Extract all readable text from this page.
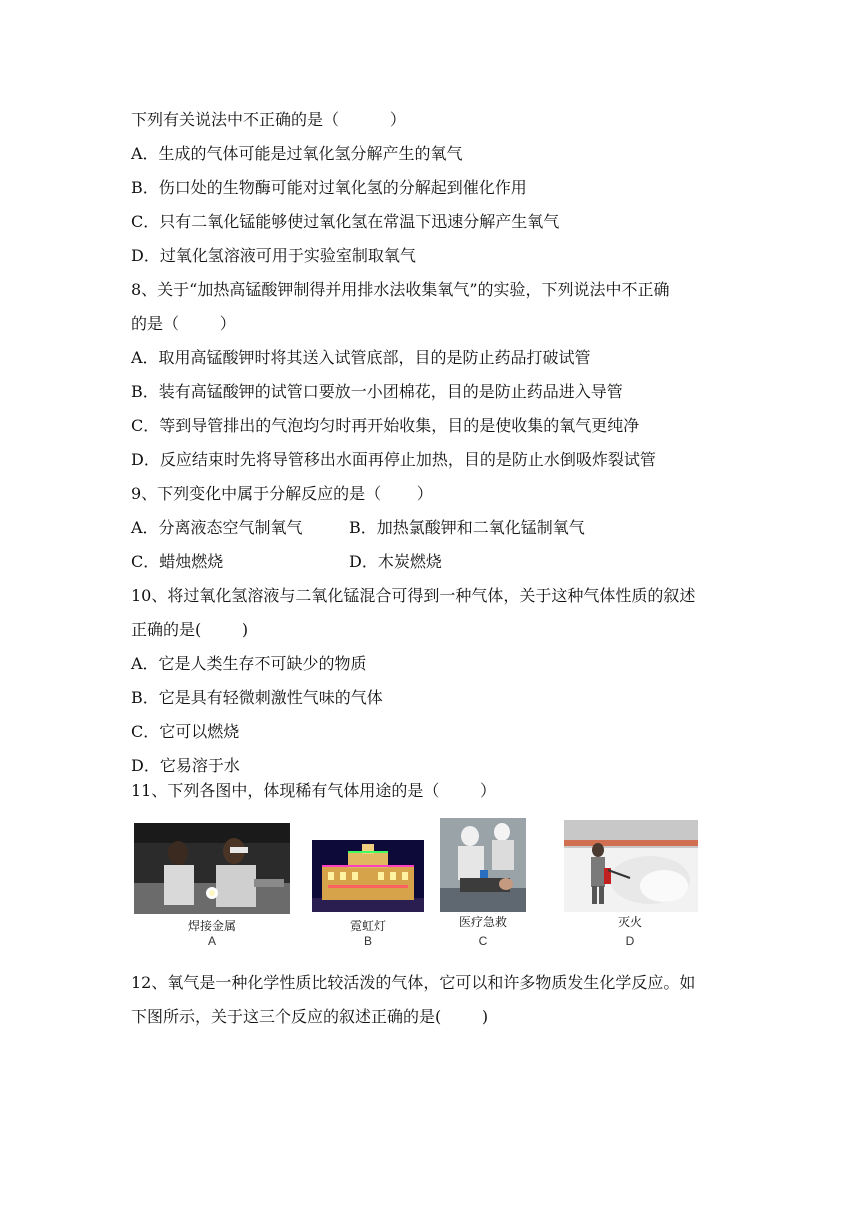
下列有关说法中不正确的是（          ）
A．生成的气体可能是过氧化氢分解产生的氧气
B．伤口处的生物酶可能对过氧化氢的分解起到催化作用
C．只有二氧化锰能够使过氧化氢在常温下迅速分解产生氧气
D．过氧化氢溶液可用于实验室制取氧气
8、关于“加热高锰酸钾制得并用排水法收集氧气”的实验，下列说法中不正确
的是（        ）
A．取用高锰酸钾时将其送入试管底部，目的是防止药品打破试管
B．装有高锰酸钾的试管口要放一小团棉花，目的是防止药品进入导管
C．等到导管排出的气泡均匀时再开始收集，目的是使收集的氧气更纯净
D．反应结束时先将导管移出水面再停止加热，目的是防止水倒吸炸裂试管
9、下列变化中属于分解反应的是（       ）
A．分离液态空气制氧气	B．加热氯酸钾和二氧化锰制氧气
C．蜡烛燃烧	D．木炭燃烧
10、将过氧化氢溶液与二氧化锰混合可得到一种气体，关于这种气体性质的叙述
正确的是(        )
A．它是人类生存不可缺少的物质
B．它是具有轻微刺激性气味的气体
C．它可以燃烧
D．它易溶于水
11、下列各图中，体现稀有气体用途的是（        ）
焊接金属
A
霓虹灯
B
医疗急救
C
灭火
D
12、氧气是一种化学性质比较活泼的气体，它可以和许多物质发生化学反应。如
下图所示，关于这三个反应的叙述正确的是(        )
